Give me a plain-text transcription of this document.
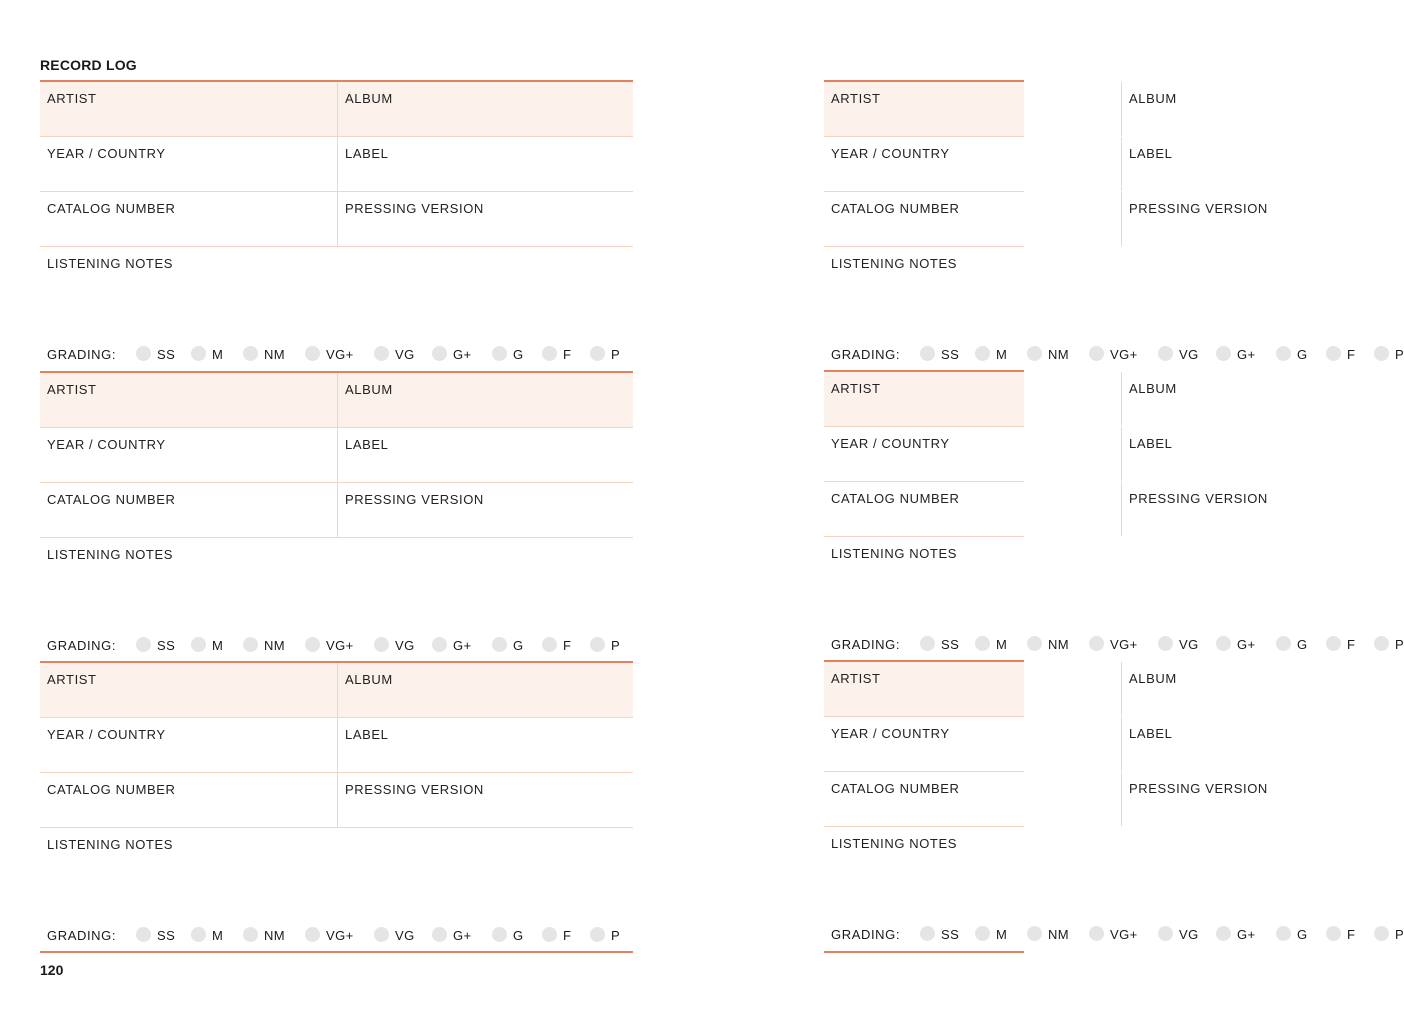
RECORD LOG
ARTIST	ALBUM
YEAR / COUNTRY	LABEL
CATALOG NUMBER	PRESSING VERSION
LISTENING NOTES
GRADING:	SS	M	NM	VG+	VG	G+	G	F	P
ARTIST	ALBUM
YEAR / COUNTRY	LABEL
CATALOG NUMBER	PRESSING VERSION
LISTENING NOTES
GRADING:	SS	M	NM	VG+	VG	G+	G	F	P
ARTIST	ALBUM
YEAR / COUNTRY	LABEL
CATALOG NUMBER	PRESSING VERSION
LISTENING NOTES
GRADING:	SS	M	NM	VG+	VG	G+	G	F	P
ARTIST	ALBUM
YEAR / COUNTRY	LABEL
CATALOG NUMBER	PRESSING VERSION
LISTENING NOTES
GRADING:	SS	M	NM	VG+	VG	G+	G	F	P
ARTIST	ALBUM
YEAR / COUNTRY	LABEL
CATALOG NUMBER	PRESSING VERSION
LISTENING NOTES
GRADING:	SS	M	NM	VG+	VG	G+	G	F	P
ARTIST	ALBUM
YEAR / COUNTRY	LABEL
CATALOG NUMBER	PRESSING VERSION
LISTENING NOTES
GRADING:	SS	M	NM	VG+	VG	G+	G	F	P
120
